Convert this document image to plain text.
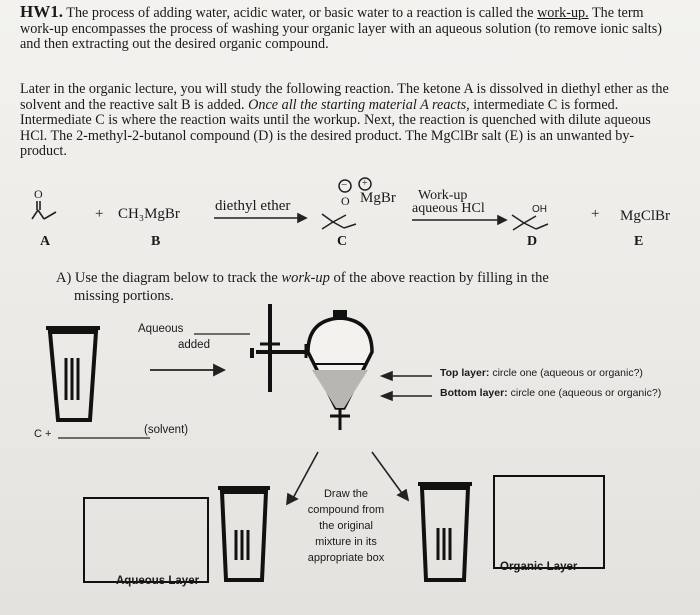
HW1. The process of adding water, acidic water, or basic water to a reaction is called the work-up. The term work-up encompasses the process of washing your organic layer with an aqueous solution (to remove ionic salts) and then extracting out the desired organic compound.
Later in the organic lecture, you will study the following reaction. The ketone A is dissolved in diethyl ether as the solvent and the reactive salt B is added. Once all the starting material A reacts, intermediate C is formed. Intermediate C is where the reaction waits until the workup. Next, the reaction is quenched with dilute aqueous HCl. The 2-methyl-2-butanol compound (D) is the desired product. The MgClBr salt (E) is an unwanted by-product.
O
+ CH₃MgBr diethyl ether
+
−
O MgBr Work-up
aqueous HCl	OH	+ MgClBr
A	B	C	D	E
A) Use the diagram below to track the work-up of the above reaction by filling in the
missing portions.
Aqueous
added
C +	(solvent)
Top layer: circle one (aqueous or organic?)
Bottom layer: circle one (aqueous or organic?)
Draw the
compound from
the original
mixture in its
appropriate box
Aqueous Layer
Organic Layer
